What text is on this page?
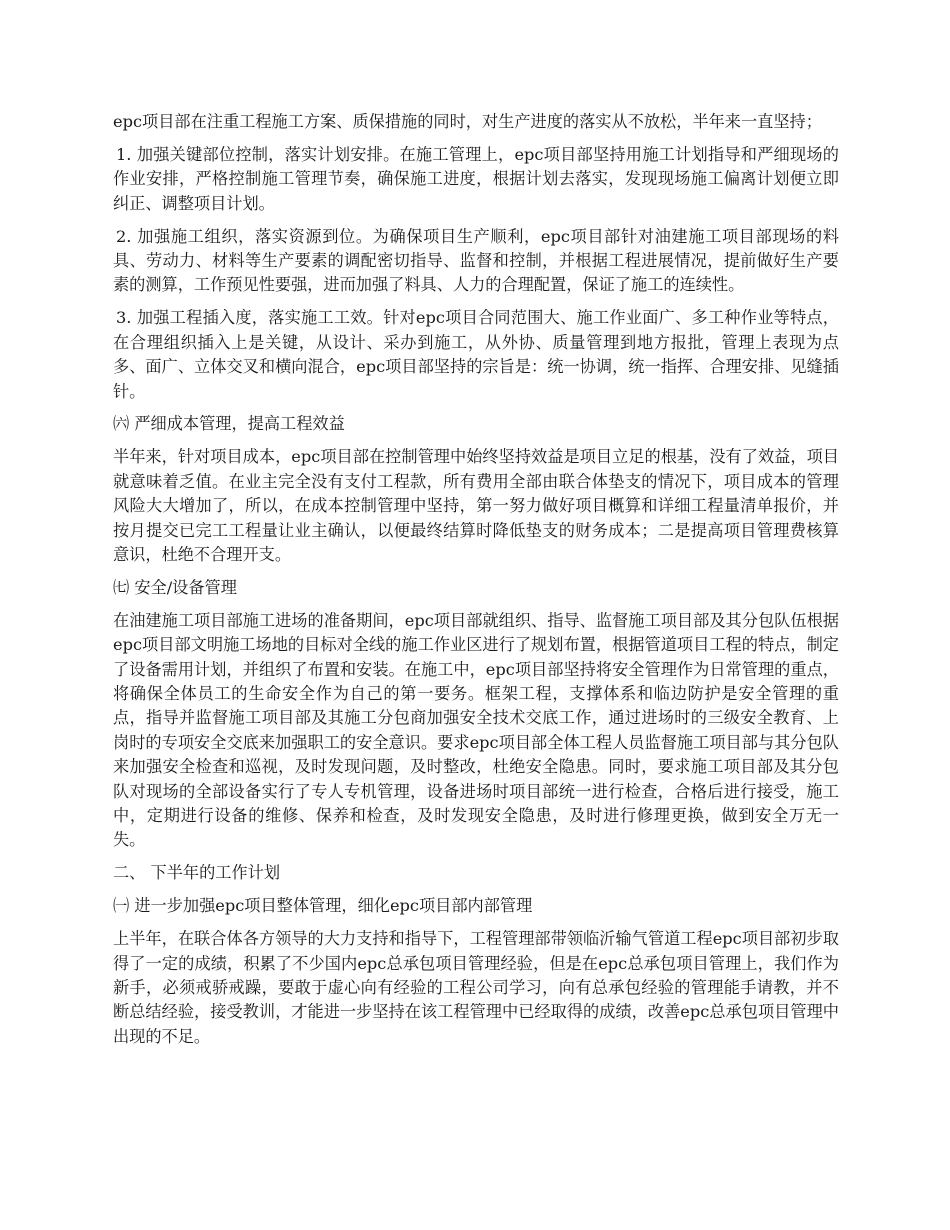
epc项目部在注重工程施工方案、质保措施的同时，对生产进度的落实从不放松，半年来一直坚持；

1. 加强关键部位控制，落实计划安排。在施工管理上，epc项目部坚持用施工计划指导和严细现场的作业安排，严格控制施工管理节奏，确保施工进度，根据计划去落实，发现现场施工偏离计划便立即纠正、调整项目计划。

2. 加强施工组织，落实资源到位。为确保项目生产顺利，epc项目部针对油建施工项目部现场的料具、劳动力、材料等生产要素的调配密切指导、监督和控制，并根据工程进展情况，提前做好生产要素的测算，工作预见性要强，进而加强了料具、人力的合理配置，保证了施工的连续性。

3. 加强工程插入度，落实施工工效。针对epc项目合同范围大、施工作业面广、多工种作业等特点，在合理组织插入上是关键，从设计、采办到施工，从外协、质量管理到地方报批，管理上表现为点多、面广、立体交叉和横向混合，epc项目部坚持的宗旨是：统一协调，统一指挥、合理安排、见缝插针。

㈥ 严细成本管理，提高工程效益

半年来，针对项目成本，epc项目部在控制管理中始终坚持效益是项目立足的根基，没有了效益，项目就意味着乏值。在业主完全没有支付工程款，所有费用全部由联合体垫支的情况下，项目成本的管理风险大大增加了，所以，在成本控制管理中坚持，第一努力做好项目概算和详细工程量清单报价，并按月提交已完工工程量让业主确认，以便最终结算时降低垫支的财务成本；二是提高项目管理费核算意识，杜绝不合理开支。

㈦ 安全/设备管理

在油建施工项目部施工进场的准备期间，epc项目部就组织、指导、监督施工项目部及其分包队伍根据epc项目部文明施工场地的目标对全线的施工作业区进行了规划布置，根据管道项目工程的特点，制定了设备需用计划，并组织了布置和安装。在施工中，epc项目部坚持将安全管理作为日常管理的重点，将确保全体员工的生命安全作为自己的第一要务。框架工程，支撑体系和临边防护是安全管理的重点，指导并监督施工项目部及其施工分包商加强安全技术交底工作，通过进场时的三级安全教育、上岗时的专项安全交底来加强职工的安全意识。要求epc项目部全体工程人员监督施工项目部与其分包队来加强安全检查和巡视，及时发现问题，及时整改，杜绝安全隐患。同时，要求施工项目部及其分包队对现场的全部设备实行了专人专机管理，设备进场时项目部统一进行检查，合格后进行接受，施工中，定期进行设备的维修、保养和检查，及时发现安全隐患，及时进行修理更换，做到安全万无一失。

二、 下半年的工作计划

㈠ 进一步加强epc项目整体管理，细化epc项目部内部管理

上半年，在联合体各方领导的大力支持和指导下，工程管理部带领临沂输气管道工程epc项目部初步取得了一定的成绩，积累了不少国内epc总承包项目管理经验，但是在epc总承包项目管理上，我们作为新手，必须戒骄戒躁，要敢于虚心向有经验的工程公司学习，向有总承包经验的管理能手请教，并不断总结经验，接受教训，才能进一步坚持在该工程管理中已经取得的成绩，改善epc总承包项目管理中出现的不足。
